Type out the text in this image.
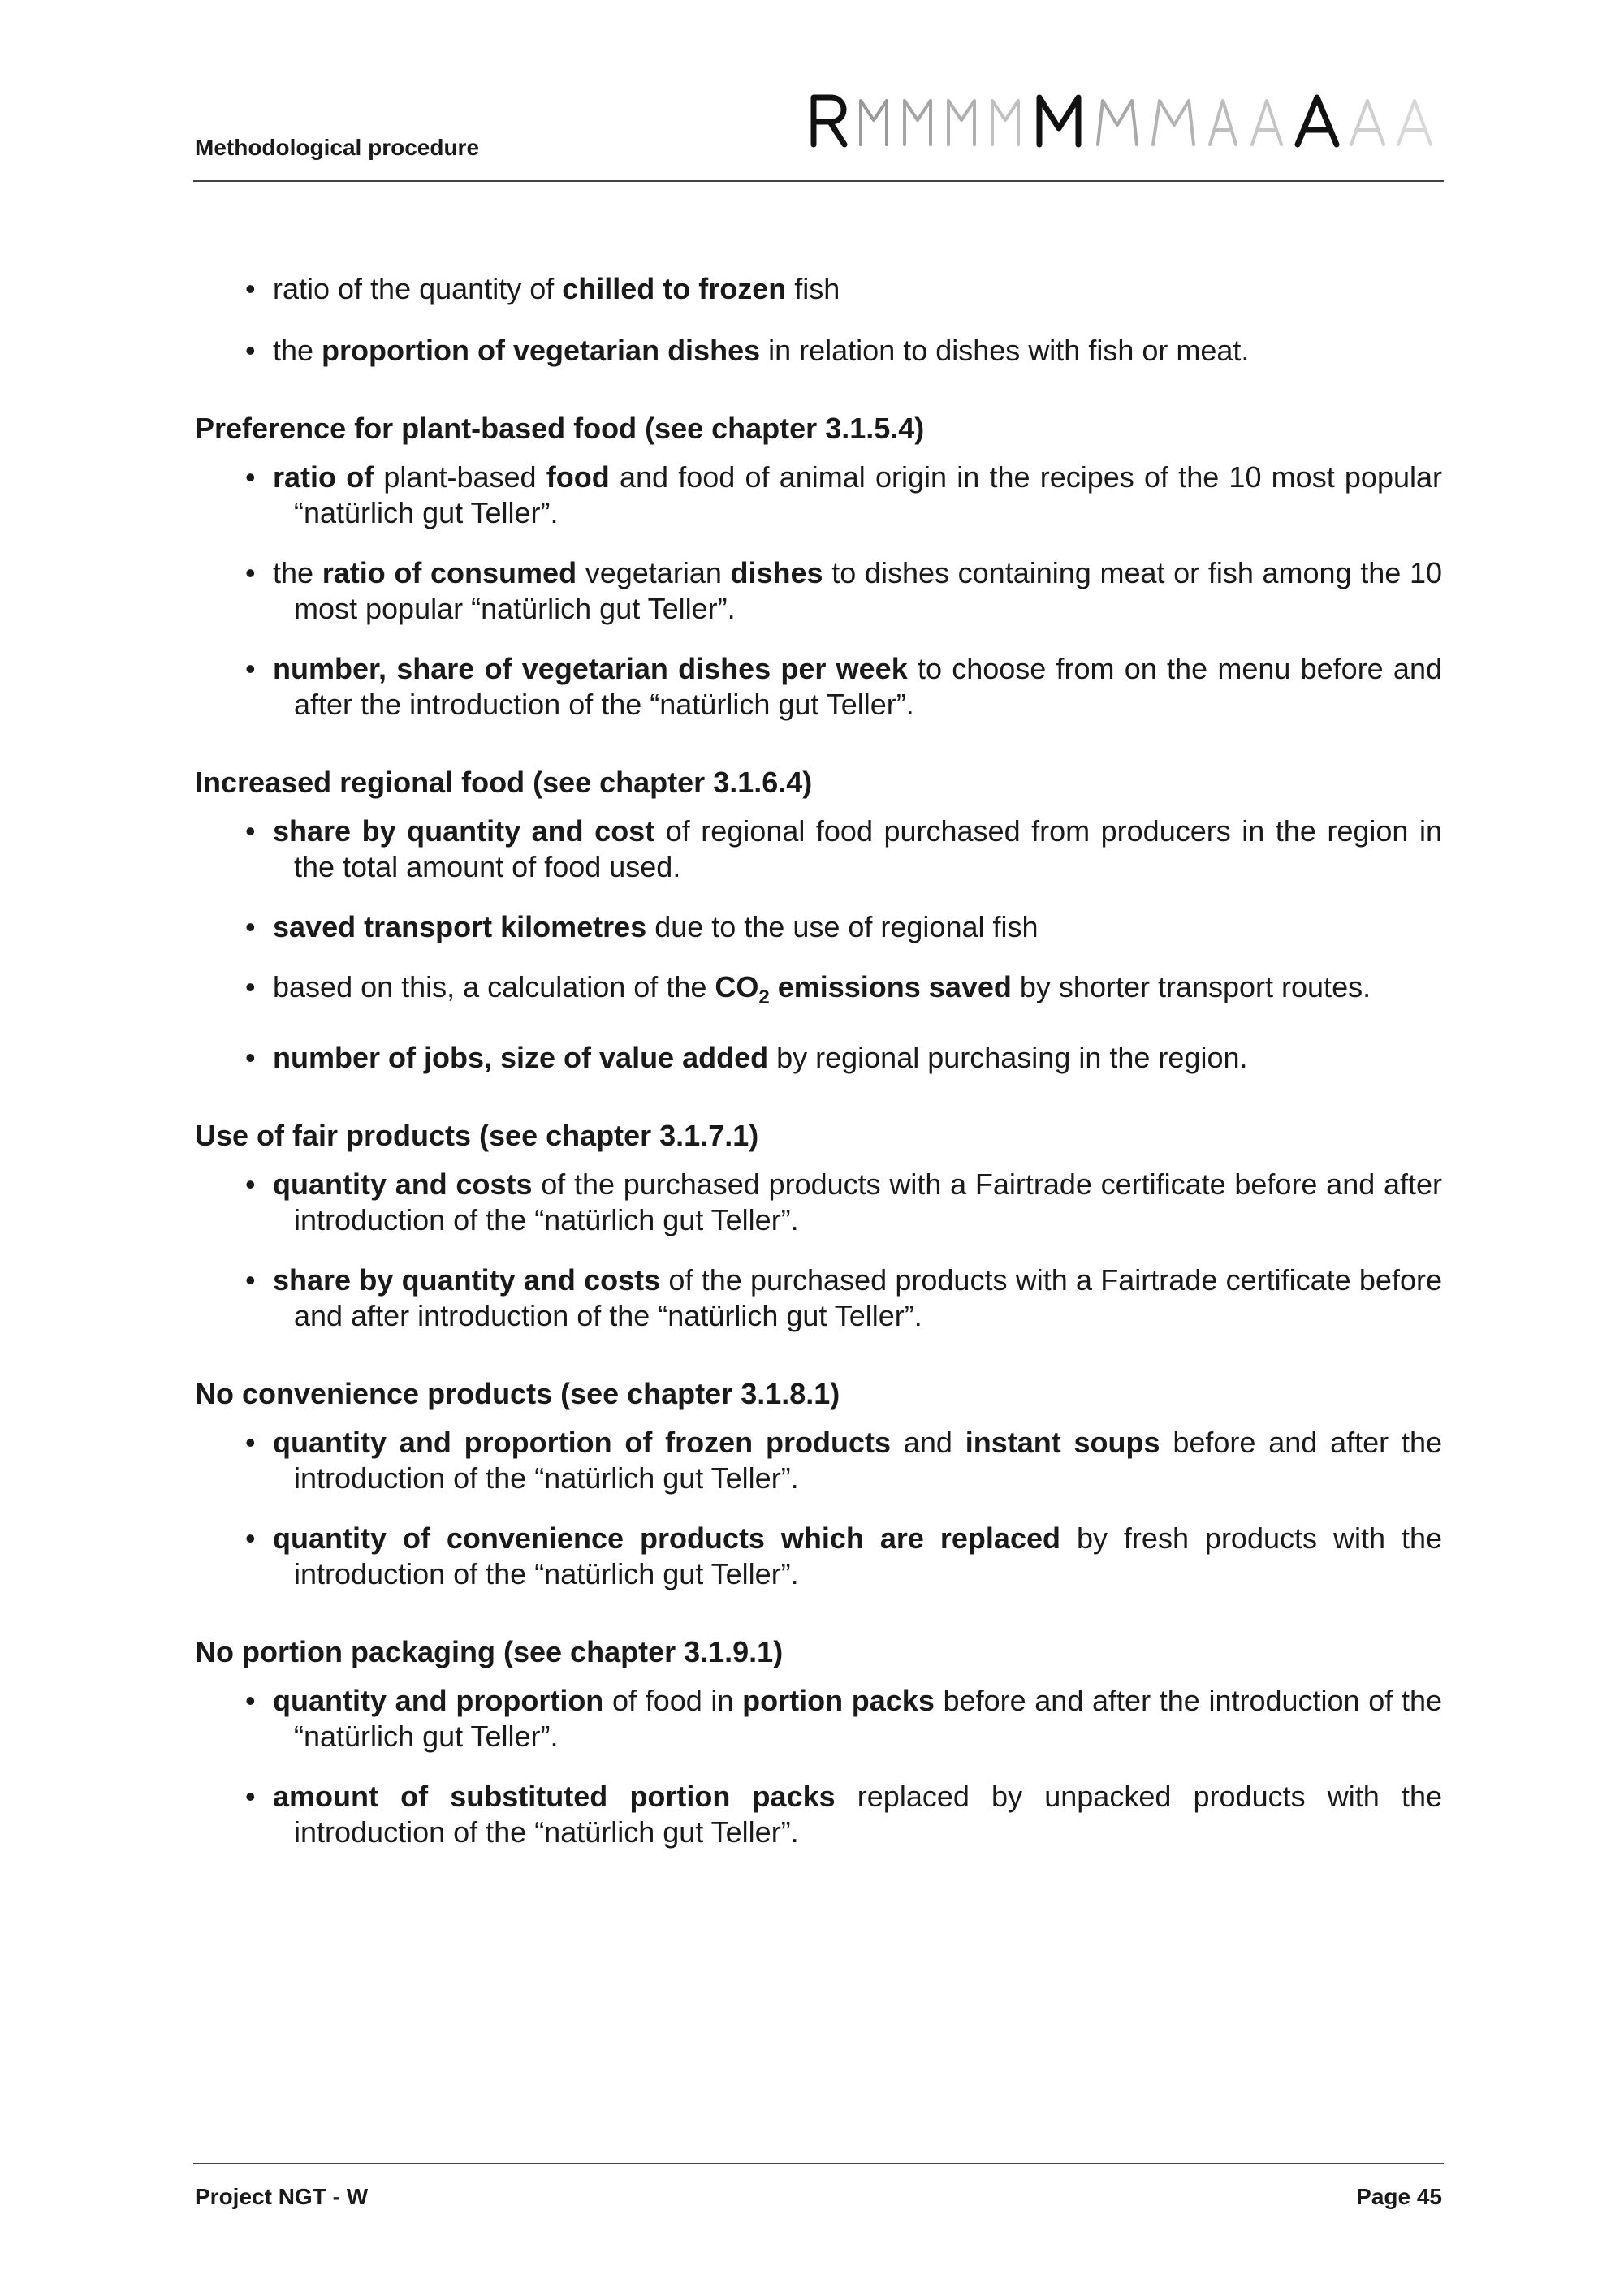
Methodological procedure
• ratio of the quantity of chilled to frozen fish
• the proportion of vegetarian dishes in relation to dishes with fish or meat.
Preference for plant-based food (see chapter 3.1.5.4)
• ratio of plant-based food and food of animal origin in the recipes of the 10 most popular “natürlich gut Teller”.
• the ratio of consumed vegetarian dishes to dishes containing meat or fish among the 10 most popular “natürlich gut Teller”.
• number, share of vegetarian dishes per week to choose from on the menu before and after the introduction of the “natürlich gut Teller”.
Increased regional food (see chapter 3.1.6.4)
• share by quantity and cost of regional food purchased from producers in the region in the total amount of food used.
• saved transport kilometres due to the use of regional fish
• based on this, a calculation of the $CO_2$ emissions saved by shorter transport routes.
• number of jobs, size of value added by regional purchasing in the region.
Use of fair products (see chapter 3.1.7.1)
• quantity and costs of the purchased products with a Fairtrade certificate before and after introduction of the “natürlich gut Teller”.
• share by quantity and costs of the purchased products with a Fairtrade certificate before and after introduction of the “natürlich gut Teller”.
No convenience products (see chapter 3.1.8.1)
• quantity and proportion of frozen products and instant soups before and after the introduction of the “natürlich gut Teller”.
• quantity of convenience products which are replaced by fresh products with the introduction of the “natürlich gut Teller”.
No portion packaging (see chapter 3.1.9.1)
• quantity and proportion of food in portion packs before and after the introduction of the “natürlich gut Teller”.
• amount of substituted portion packs replaced by unpacked products with the introduction of the “natürlich gut Teller”.
Project NGT - W	Page 45
